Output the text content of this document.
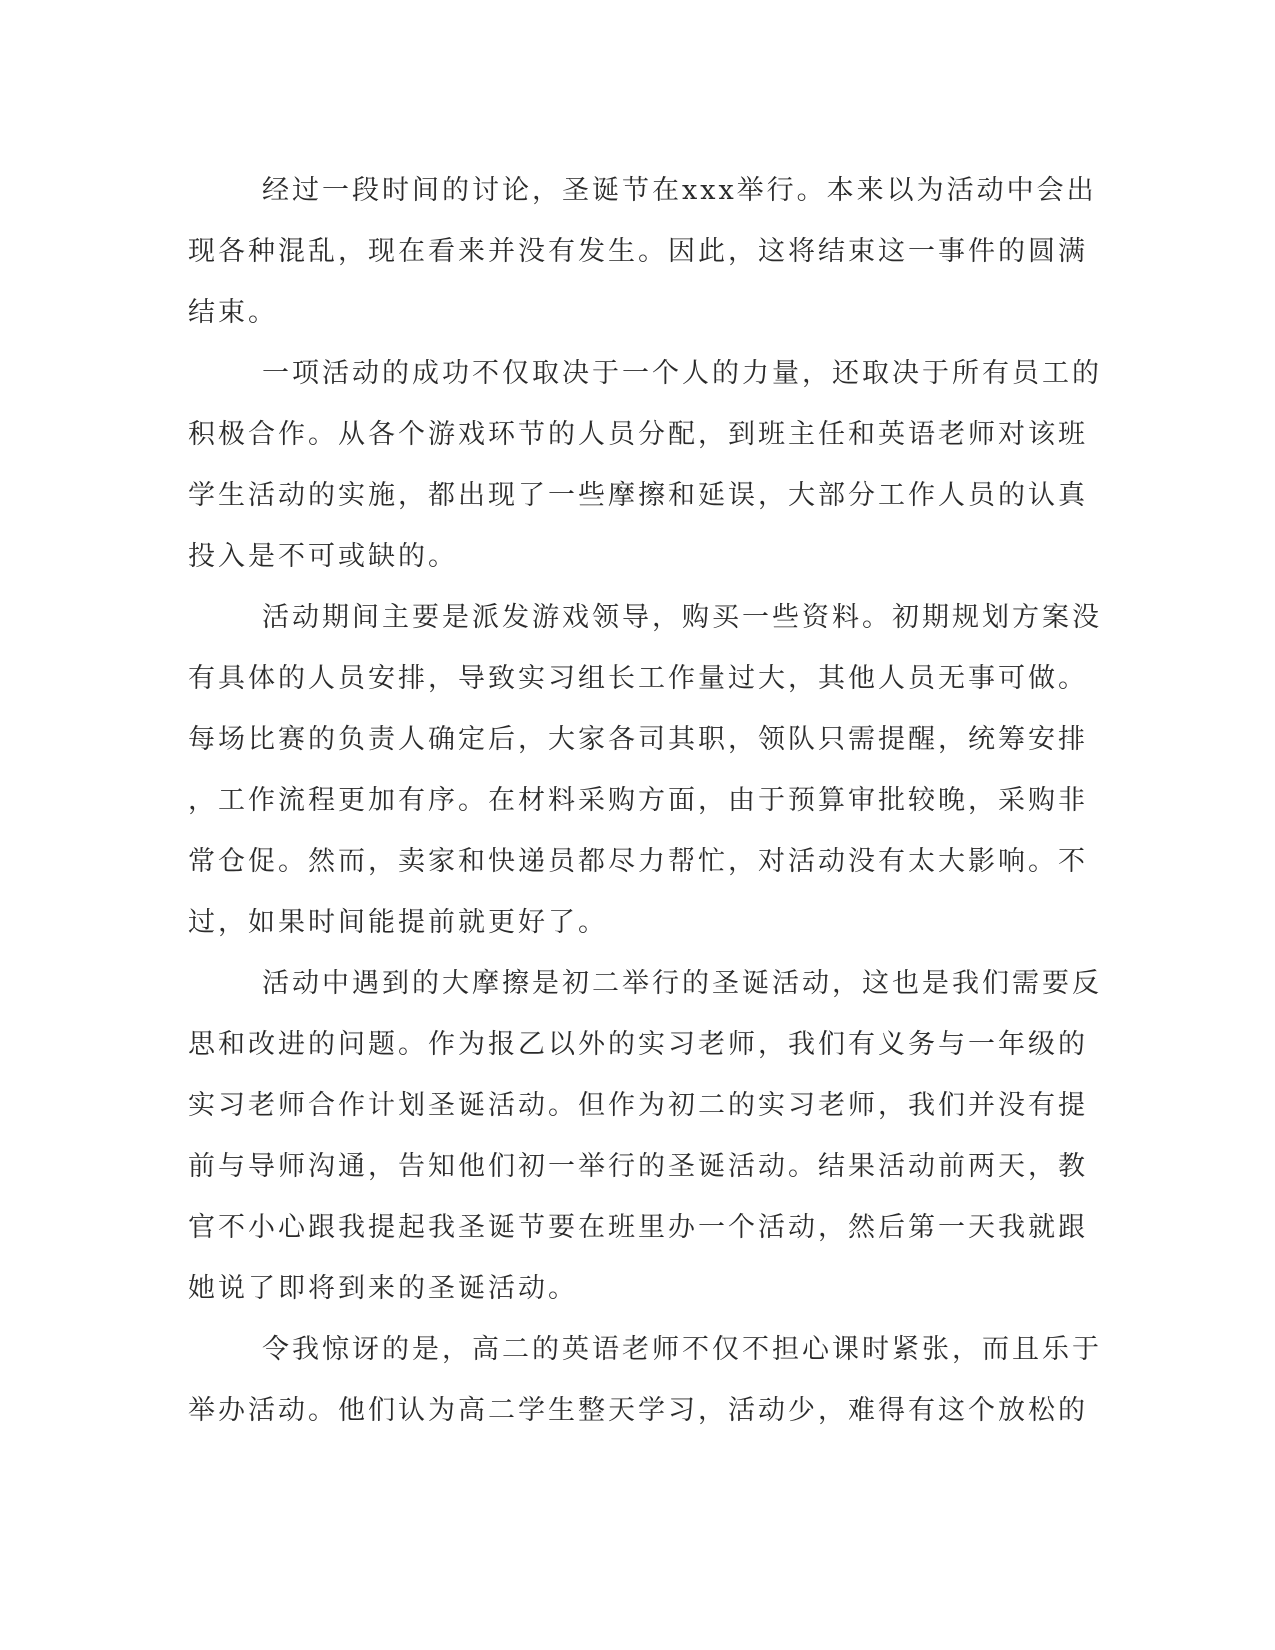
经过一段时间的讨论，圣诞节在xxx举行。本来以为活动中会出
现各种混乱，现在看来并没有发生。因此，这将结束这一事件的圆满
结束。

一项活动的成功不仅取决于一个人的力量，还取决于所有员工的
积极合作。从各个游戏环节的人员分配，到班主任和英语老师对该班
学生活动的实施，都出现了一些摩擦和延误，大部分工作人员的认真
投入是不可或缺的。

活动期间主要是派发游戏领导，购买一些资料。初期规划方案没
有具体的人员安排，导致实习组长工作量过大，其他人员无事可做。
每场比赛的负责人确定后，大家各司其职，领队只需提醒，统筹安排
，工作流程更加有序。在材料采购方面，由于预算审批较晚，采购非
常仓促。然而，卖家和快递员都尽力帮忙，对活动没有太大影响。不
过，如果时间能提前就更好了。

活动中遇到的大摩擦是初二举行的圣诞活动，这也是我们需要反
思和改进的问题。作为报乙以外的实习老师，我们有义务与一年级的
实习老师合作计划圣诞活动。但作为初二的实习老师，我们并没有提
前与导师沟通，告知他们初一举行的圣诞活动。结果活动前两天，教
官不小心跟我提起我圣诞节要在班里办一个活动，然后第一天我就跟
她说了即将到来的圣诞活动。

令我惊讶的是，高二的英语老师不仅不担心课时紧张，而且乐于
举办活动。他们认为高二学生整天学习，活动少，难得有这个放松的
